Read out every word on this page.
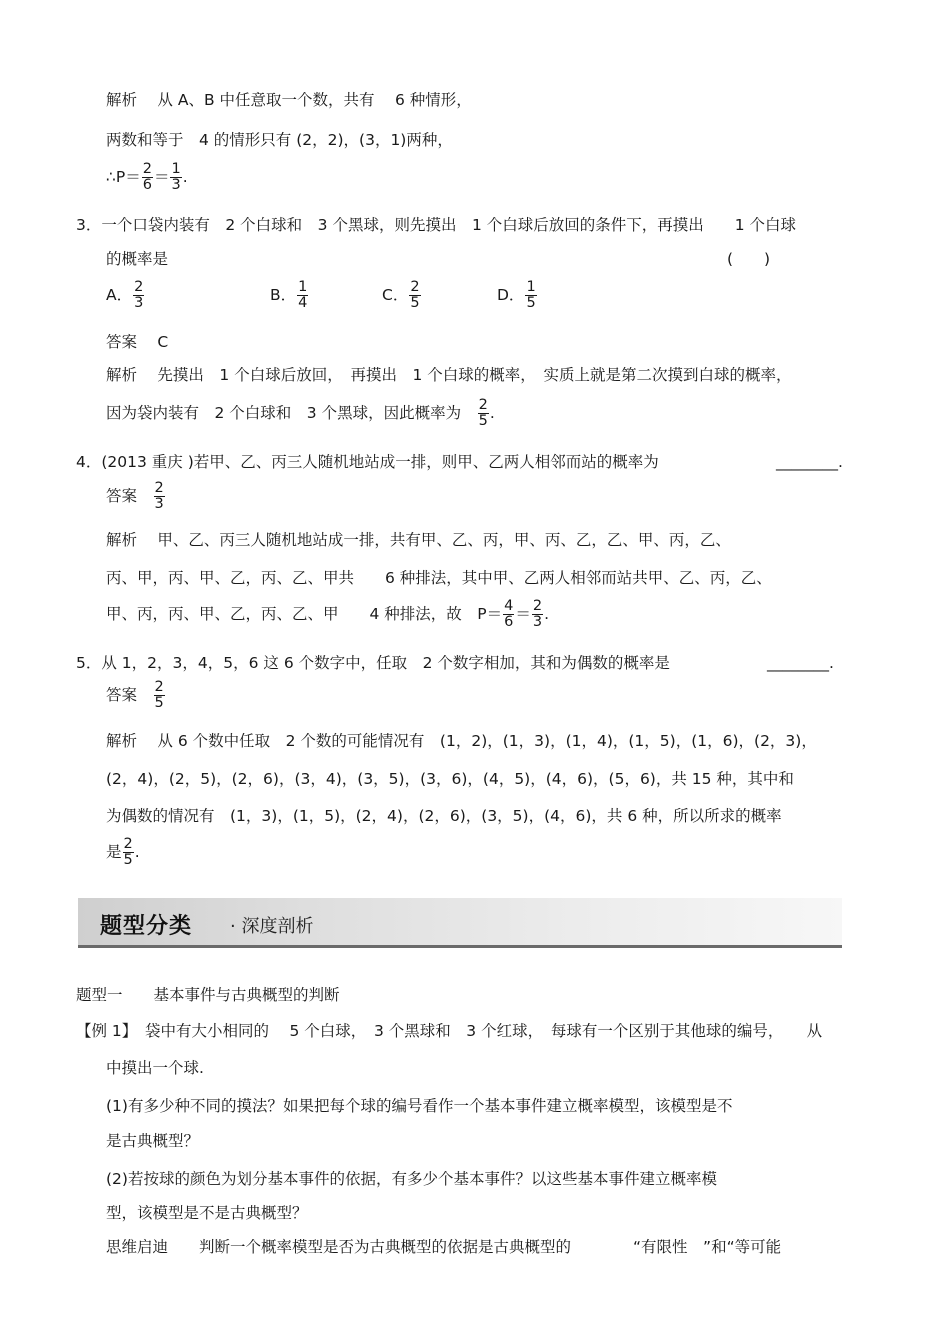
解析　 从 A、B 中任意取一个数，共有　 6 种情形，
两数和等于　4 的情形只有 (2，2)，(3，1)两种，
∴P＝ $\frac{2}{6} = \frac{1}{3}$ .
3．一个口袋内装有　2 个白球和　3 个黑球，则先摸出　1 个白球后放回的条件下，再摸出　　1 个白球
的概率是	(　　)
A． $\frac{2}{3}$	B． $\frac{1}{4}$	C． $\frac{2}{5}$	D． $\frac{1}{5}$
答案　 C
解析　 先摸出　1 个白球后放回，　再摸出　1 个白球的概率，　实质上就是第二次摸到白球的概率，
因为袋内装有　2 个白球和　3 个黑球，因此概率为　 $\frac{2}{5}$ .
4．(2013 重庆 )若甲、乙、丙三人随机地站成一排，则甲、乙两人相邻而站的概率为	________.
答案　 $\frac{2}{3}$
解析　 甲、乙、丙三人随机地站成一排，共有甲、乙、丙，甲、丙、乙，乙、甲、丙，乙、
丙、甲，丙、甲、乙，丙、乙、甲共　　6 种排法，其中甲、乙两人相邻而站共甲、乙、丙，乙、
甲、丙，丙、甲、乙，丙、乙、甲　　4 种排法，故　$P= \frac{4}{6} = \frac{2}{3}$ .
5．从 1，2，3，4，5，6 这 6 个数字中，任取　2 个数字相加，其和为偶数的概率是	________.
答案　 $\frac{2}{5}$
解析　 从 6 个数中任取　2 个数的可能情况有　(1，2)，(1，3)，(1，4)，(1，5)，(1，6)，(2，3)，
(2，4)，(2，5)，(2，6)，(3，4)，(3，5)，(3，6)，(4，5)，(4，6)，(5，6)，共 15 种，其中和
为偶数的情况有　(1，3)，(1，5)，(2，4)，(2，6)，(3，5)，(4，6)，共 6 种，所以所求的概率
是 $\frac{2}{5}$ .
题型分类 · 深度剖析
题型一　　基本事件与古典概型的判断
【例 1】　袋中有大小相同的　 5 个白球，　3 个黑球和　3 个红球，　每球有一个区别于其他球的编号，　　从
中摸出一个球.
(1)有多少种不同的摸法？如果把每个球的编号看作一个基本事件建立概率模型，该模型是不
是古典概型？
(2)若按球的颜色为划分基本事件的依据，有多少个基本事件？以这些基本事件建立概率模
型，该模型是不是古典概型？
思维启迪　　判断一个概率模型是否为古典概型的依据是古典概型的　　　　“有限性　”和“等可能
